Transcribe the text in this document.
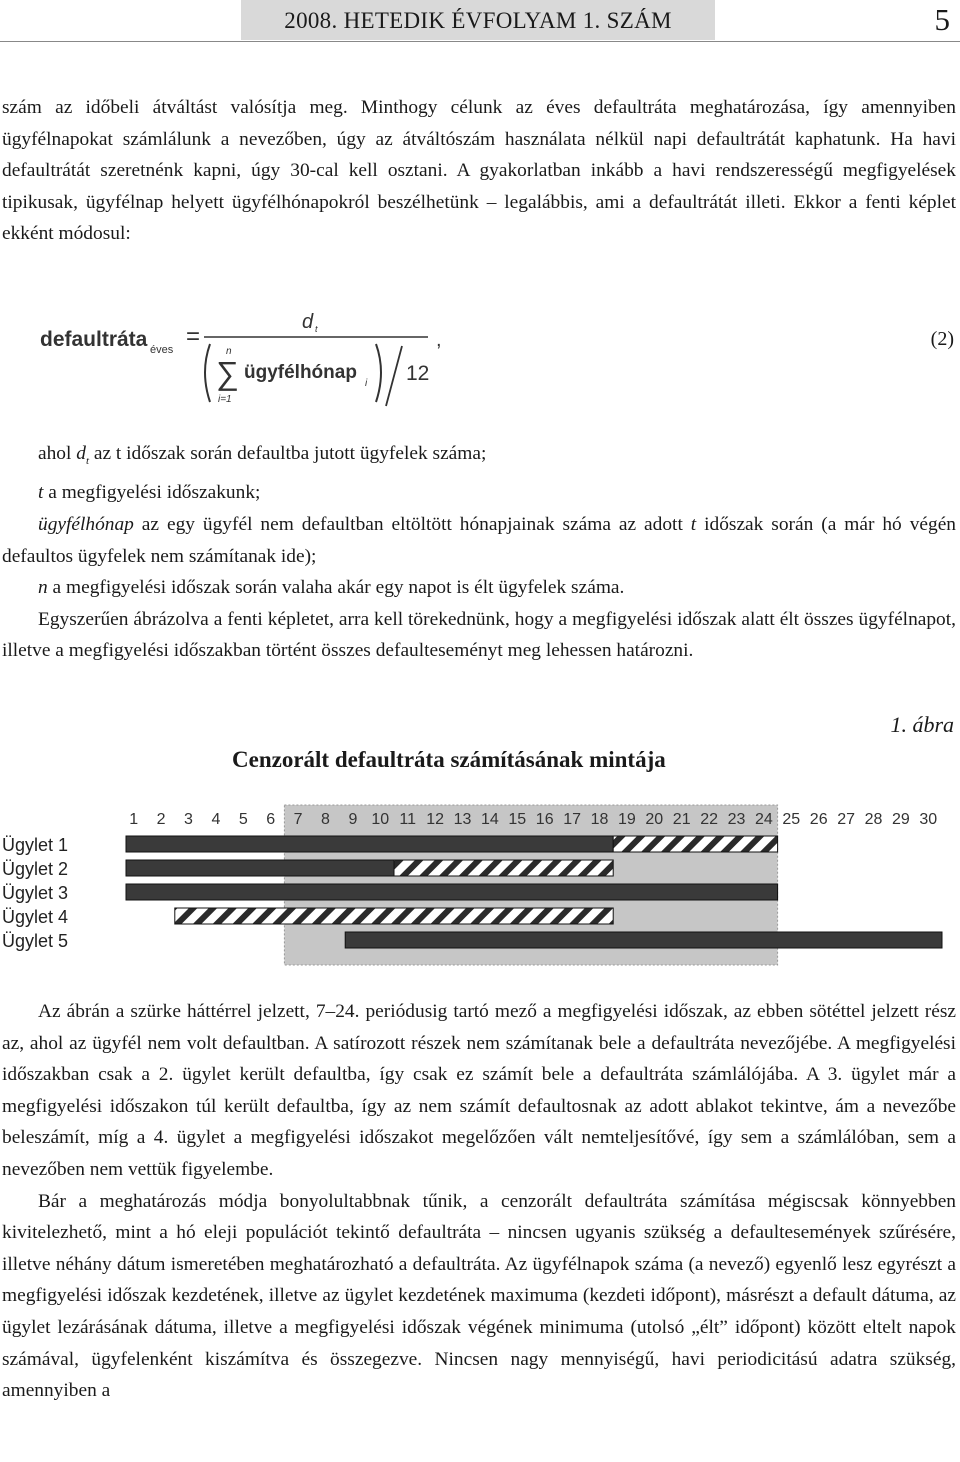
2008. HETEDIK ÉVFOLYAM 1. SZÁM	5

szám az időbeli átváltást valósítja meg. Minthogy célunk az éves defaultráta meghatározása, így amennyiben ügyfélnapokat számlálunk a nevezőben, úgy az átváltószám használata nélkül napi defaultrátát kaphatunk. Ha havi defaultrátát szeretnénk kapni, úgy 30-cal kell osztani. A gyakorlatban inkább a havi rendszerességű megfigyelések tipikusak, ügyfélnap helyett ügyfélhónapokról beszélhetünk – legalábbis, ami a defaultrátát illeti. Ekkor a fenti képlet ekként módosul:

defaultráta éves =
d t
n
∑
i=1
ügyfélhónap
i 12
,	(2)

ahol $d_t$ az t időszak során defaultba jutott ügyfelek száma;

t a megfigyelési időszakunk;

ügyfélhónap az egy ügyfél nem defaultban eltöltött hónapjainak száma az adott t időszak során (a már hó végén defaultos ügyfelek nem számítanak ide);

n a megfigyelési időszak során valaha akár egy napot is élt ügyfelek száma.

Egyszerűen ábrázolva a fenti képletet, arra kell törekednünk, hogy a megfigyelési időszak alatt élt összes ügyfélnapot, illetve a megfigyelési időszakban történt összes defaulteseményt meg lehessen határozni.

1. ábra
Cenzorált defaultráta számításának mintája
1 2 3 4 5 6 7 8 9 10 11 12 13 14 15 16 17 18 19 20 21 22 23 24 25 26 27 28 29 30
Ügylet 1
Ügylet 2
Ügylet 3
Ügylet 4
Ügylet 5

Az ábrán a szürke háttérrel jelzett, 7–24. periódusig tartó mező a megfigyelési időszak, az ebben sötéttel jelzett rész az, ahol az ügyfél nem volt defaultban. A satírozott részek nem számítanak bele a defaultráta nevezőjébe. A megfigyelési időszakban csak a 2. ügylet került defaultba, így csak ez számít bele a defaultráta számlálójába. A 3. ügylet már a megfigyelési időszakon túl került defaultba, így az nem számít defaultosnak az adott ablakot tekintve, ám a nevezőbe beleszámít, míg a 4. ügylet a megfigyelési időszakot megelőzően vált nemteljesítővé, így sem a számlálóban, sem a nevezőben nem vettük figyelembe.

Bár a meghatározás módja bonyolultabbnak tűnik, a cenzorált defaultráta számítása mégiscsak könnyebben kivitelezhető, mint a hó eleji populációt tekintő defaultráta – nincsen ugyanis szükség a defaultesemények szűrésére, illetve néhány dátum ismeretében meghatározható a defaultráta. Az ügyfélnapok száma (a nevező) egyenlő lesz egyrészt a megfigyelési időszak kezdetének, illetve az ügylet kezdetének maximuma (kezdeti időpont), másrészt a default dátuma, az ügylet lezárásának dátuma, illetve a megfigyelési időszak végének minimuma (utolsó „élt” időpont) között eltelt napok számával, ügyfelenként kiszámítva és összegezve. Nincsen nagy mennyiségű, havi periodicitású adatra szükség, amennyiben a
